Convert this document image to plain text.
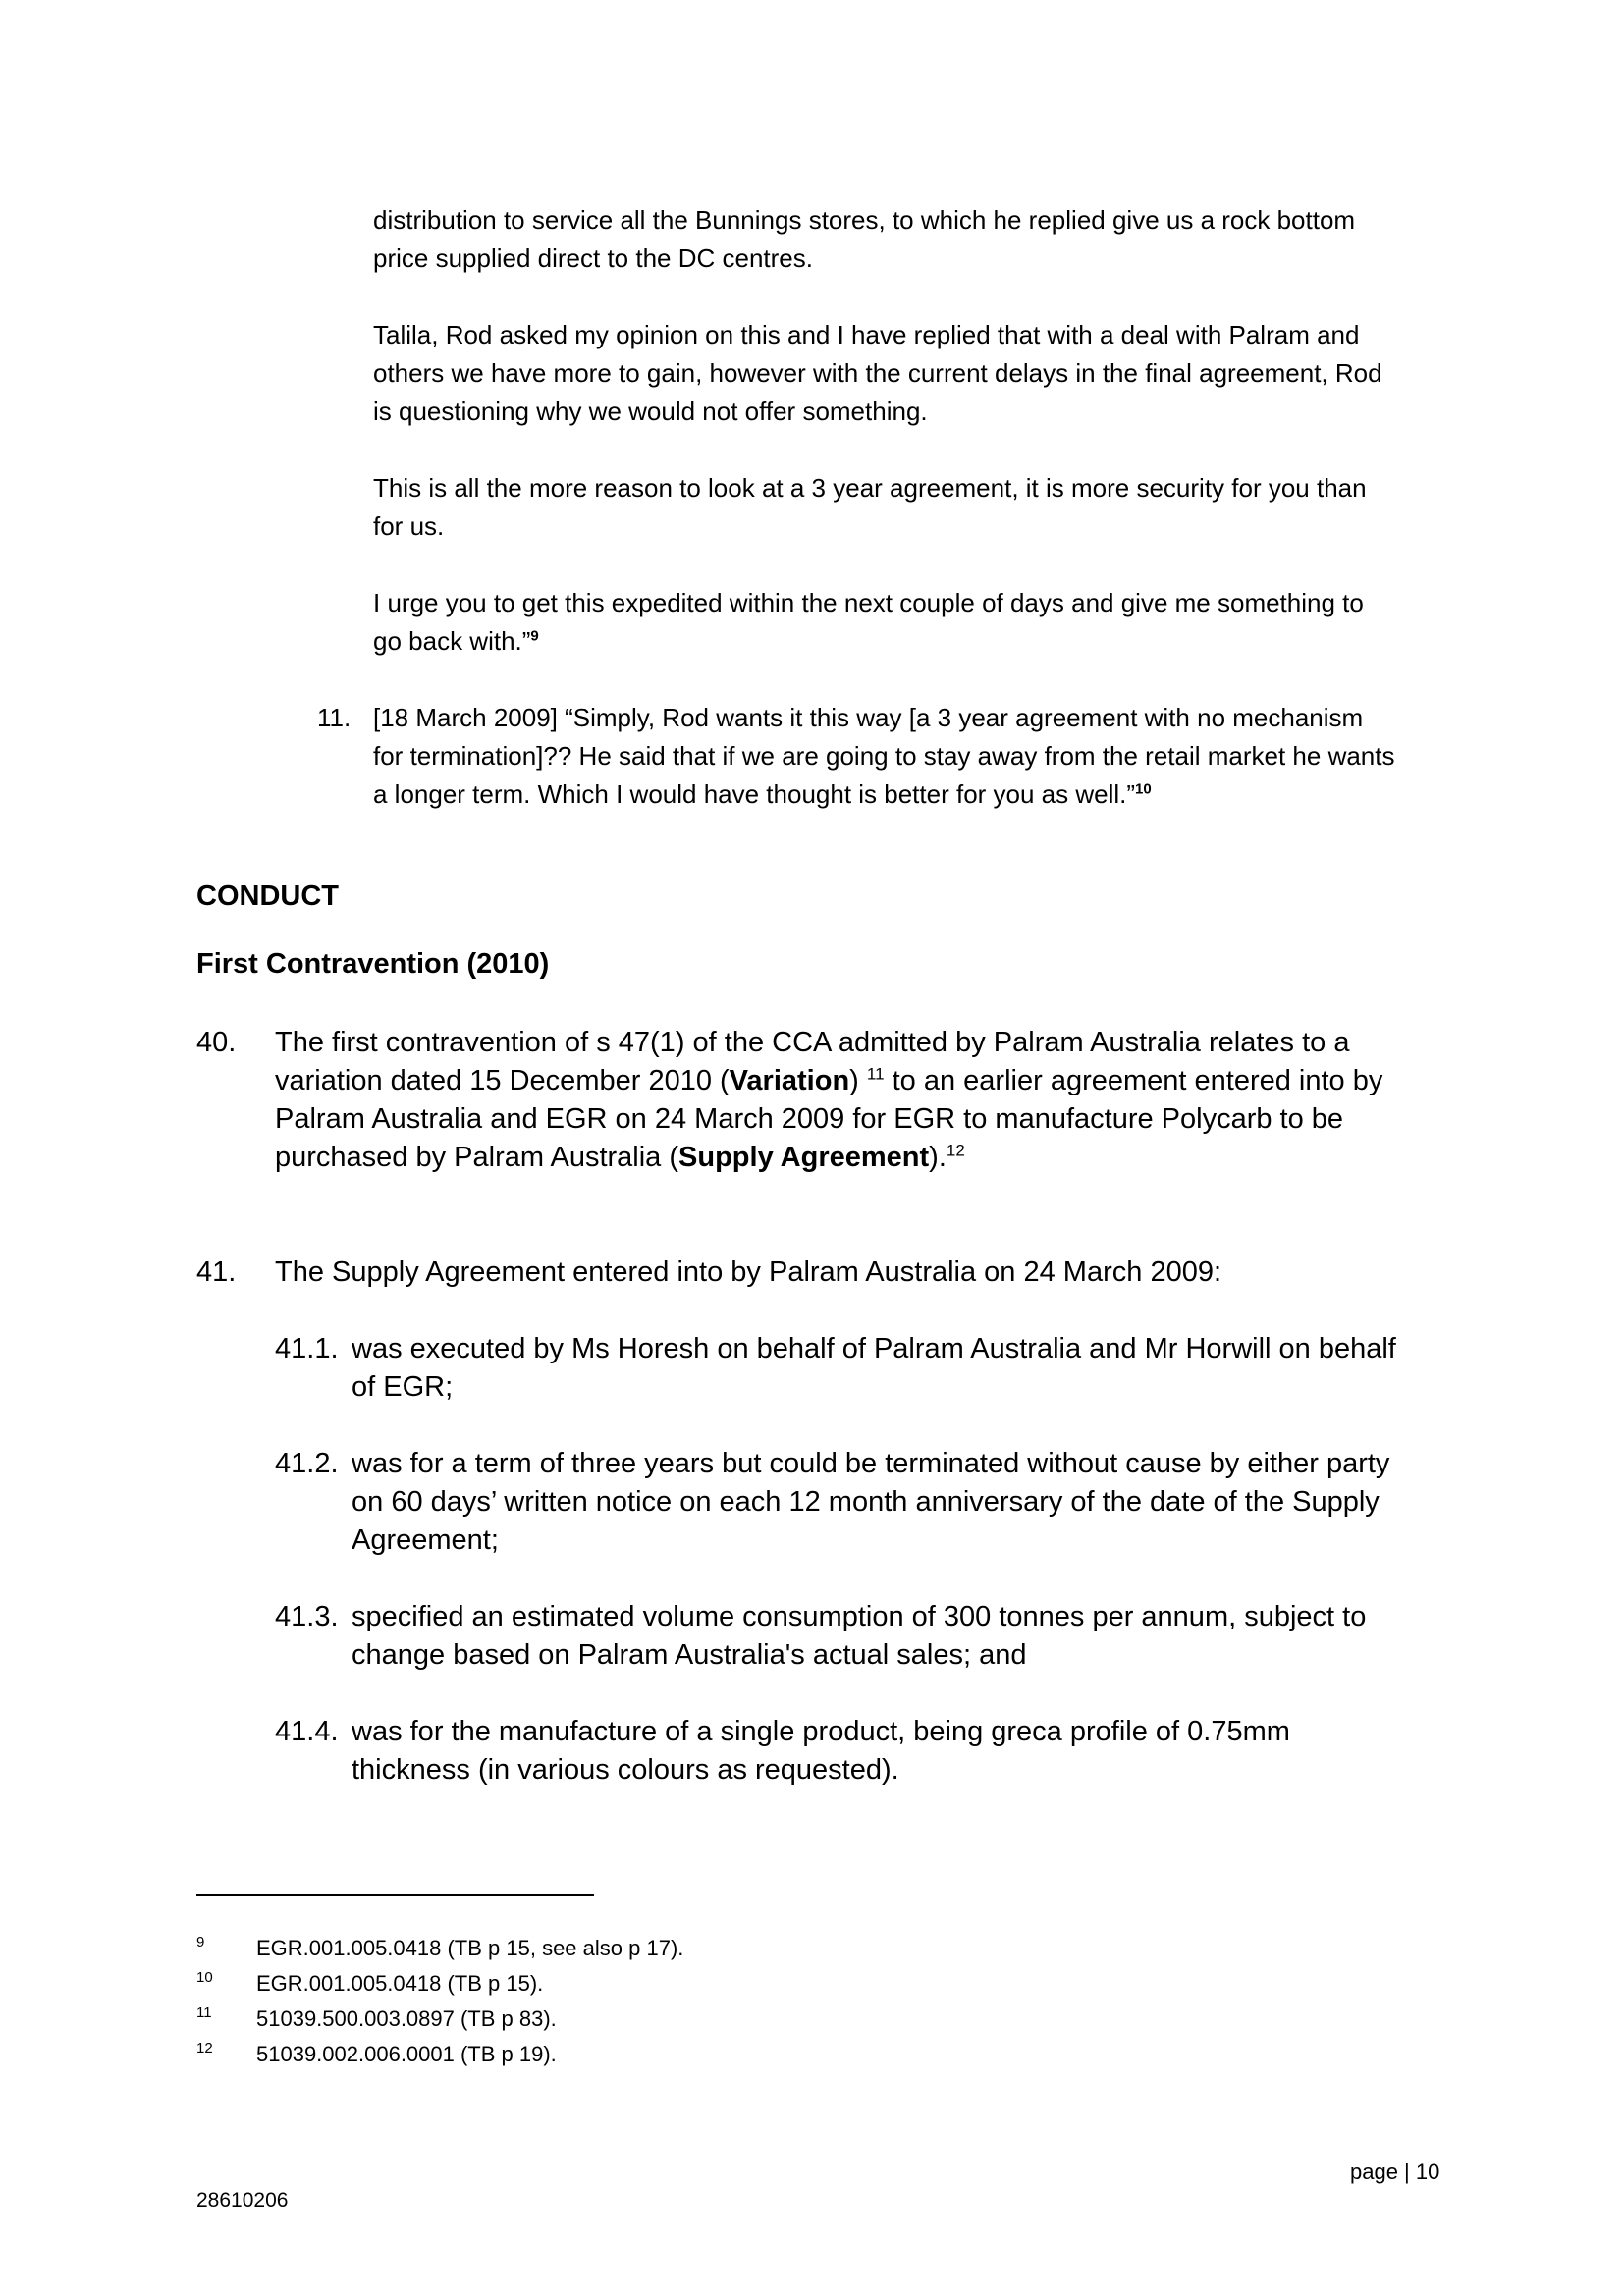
distribution to service all the Bunnings stores, to which he replied give us a rock bottom price supplied direct to the DC centres.

Talila, Rod asked my opinion on this and I have replied that with a deal with Palram and others we have more to gain, however with the current delays in the final agreement, Rod is questioning why we would not offer something.

This is all the more reason to look at a 3 year agreement, it is more security for you than for us.

I urge you to get this expedited within the next couple of days and give me something to go back with.”$^9$

11. [18 March 2009] “Simply, Rod wants it this way [a 3 year agreement with no mechanism for termination]?? He said that if we are going to stay away from the retail market he wants a longer term. Which I would have thought is better for you as well.”$^{10}$
CONDUCT
First Contravention (2010)
40. The first contravention of s 47(1) of the CCA admitted by Palram Australia relates to a variation dated 15 December 2010 (Variation) $^{11}$ to an earlier agreement entered into by Palram Australia and EGR on 24 March 2009 for EGR to manufacture Polycarb to be purchased by Palram Australia (Supply Agreement).$^{12}$
41. The Supply Agreement entered into by Palram Australia on 24 March 2009:
41.1. was executed by Ms Horesh on behalf of Palram Australia and Mr Horwill on behalf of EGR;
41.2. was for a term of three years but could be terminated without cause by either party on 60 days’ written notice on each 12 month anniversary of the date of the Supply Agreement;
41.3. specified an estimated volume consumption of 300 tonnes per annum, subject to change based on Palram Australia's actual sales; and
41.4. was for the manufacture of a single product, being greca profile of 0.75mm thickness (in various colours as requested).
9 EGR.001.005.0418 (TB p 15, see also p 17).
10 EGR.001.005.0418 (TB p 15).
11 51039.500.003.0897 (TB p 83).
12 51039.002.006.0001 (TB p 19).
page | 10
28610206
